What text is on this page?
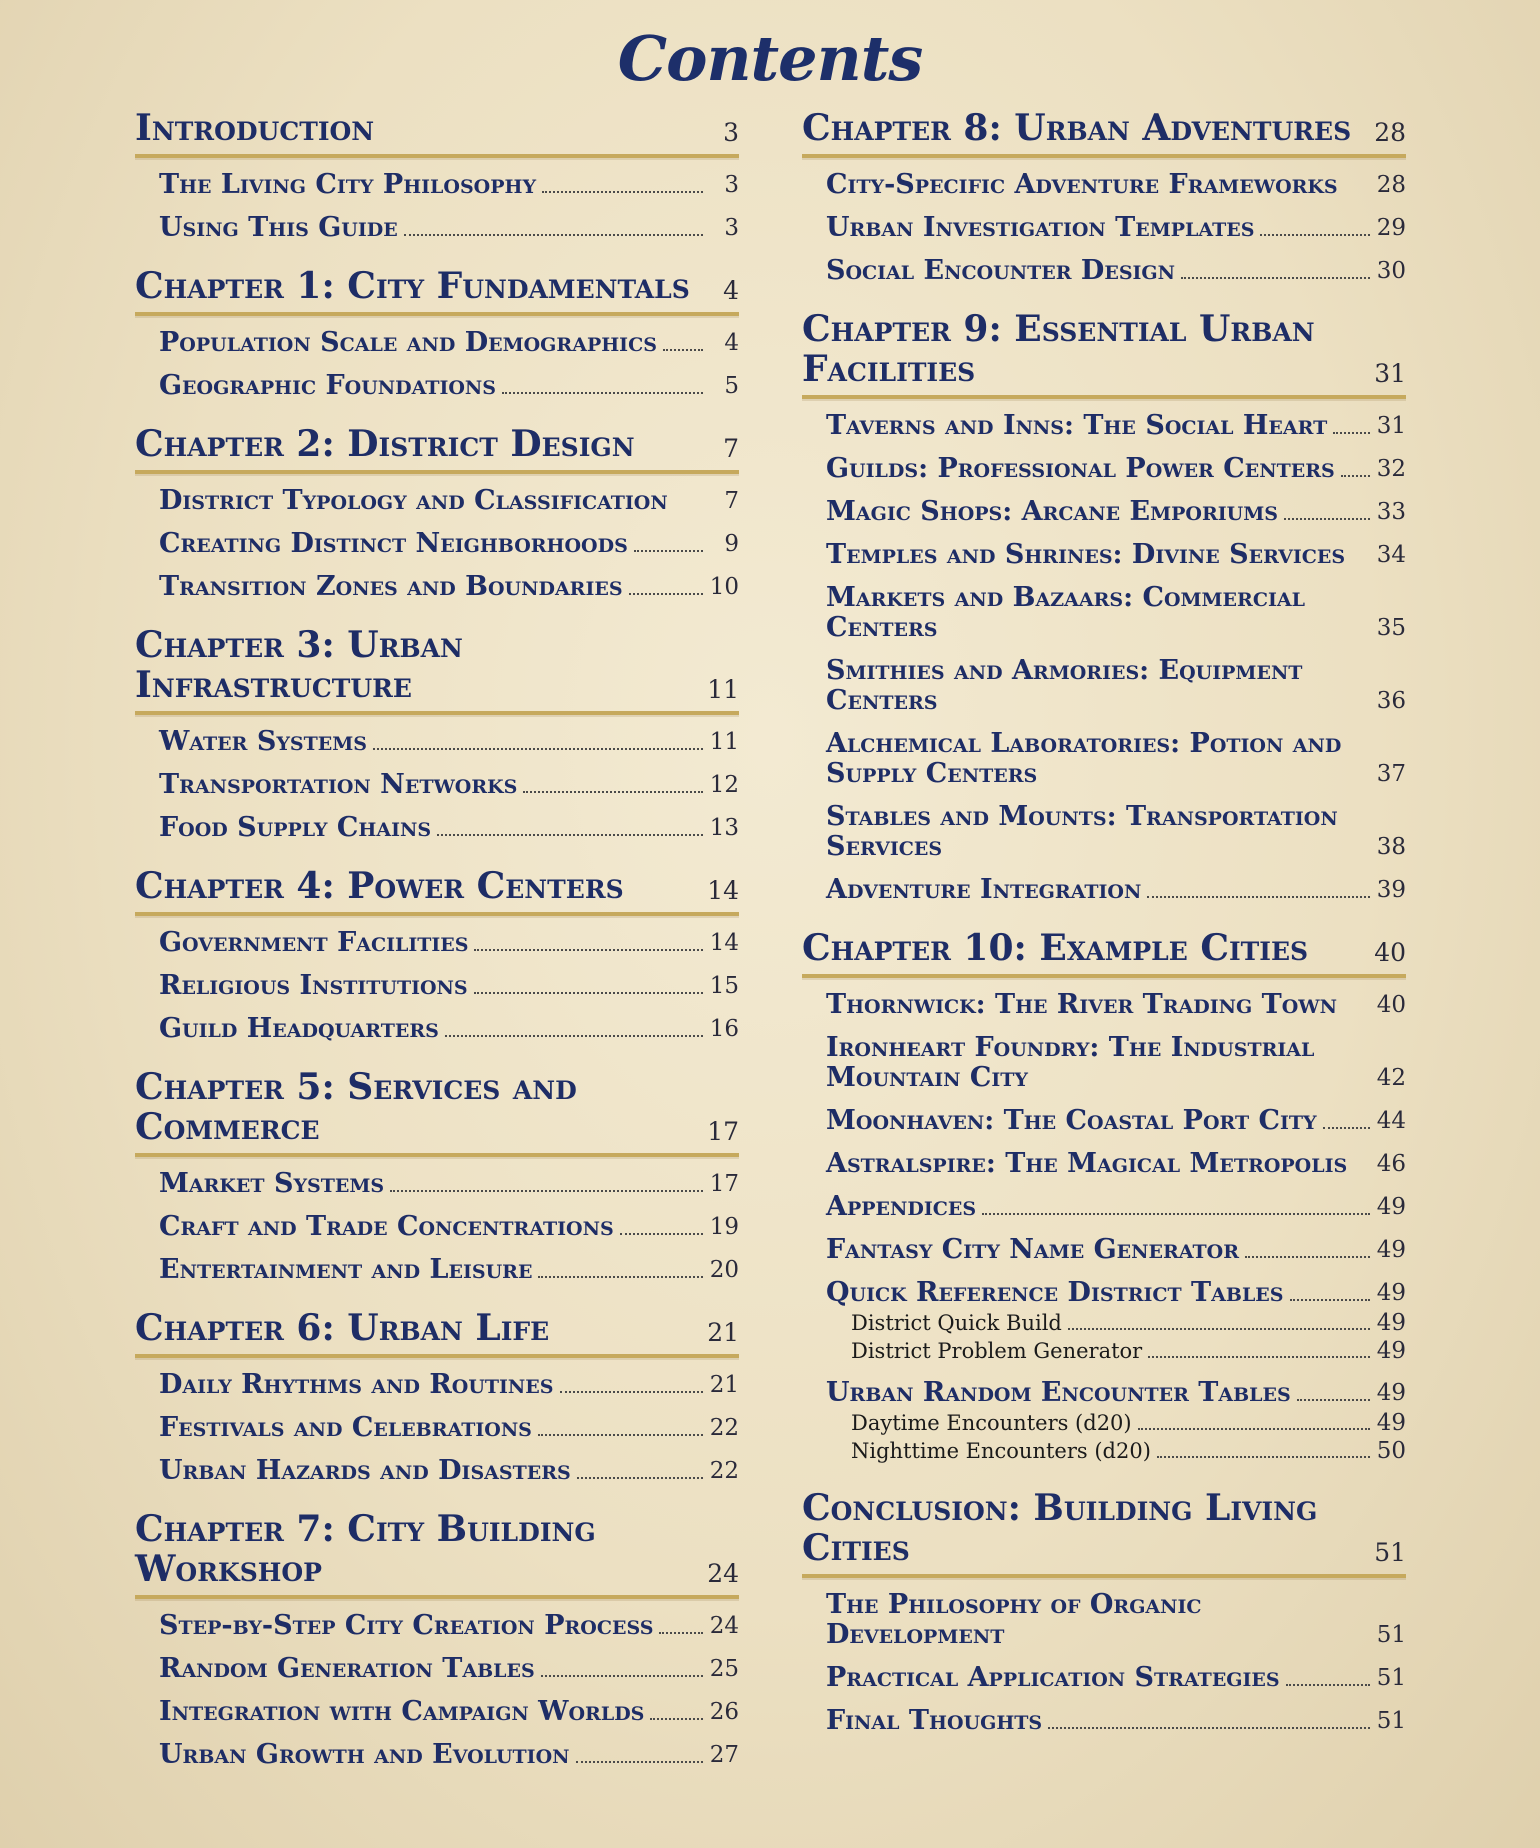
Contents
Introduction	3
The Living City Philosophy	3
Using This Guide	3
Chapter 1: City Fundamentals	4
Population Scale and Demographics	4
Geographic Foundations	5
Chapter 2: District Design	7
District Typology and Classification	7
Creating Distinct Neighborhoods	9
Transition Zones and Boundaries	10
Chapter 3: Urban Infrastructure	11
Water Systems	11
Transportation Networks	12
Food Supply Chains	13
Chapter 4: Power Centers	14
Government Facilities	14
Religious Institutions	15
Guild Headquarters	16
Chapter 5: Services and Commerce	17
Market Systems	17
Craft and Trade Concentrations	19
Entertainment and Leisure	20
Chapter 6: Urban Life	21
Daily Rhythms and Routines	21
Festivals and Celebrations	22
Urban Hazards and Disasters	22
Chapter 7: City Building Workshop	24
Step-by-Step City Creation Process 24
Random Generation Tables	25
Integration with Campaign Worlds	26
Urban Growth and Evolution	27
Chapter 8: Urban Adventures 28
City-Specific Adventure Frameworks	28
Urban Investigation Templates	29
Social Encounter Design	30
Chapter 9: Essential Urban Facilities	31
Taverns and Inns: The Social Heart 31
Guilds: Professional Power Centers 32
Magic Shops: Arcane Emporiums	33
Temples and Shrines: Divine Services	34
Markets and Bazaars: Commercial Centers	35
Smithies and Armories: Equipment Centers	36
Alchemical Laboratories: Potion and Supply Centers	37
Stables and Mounts: Transportation Services	38
Adventure Integration	39
Chapter 10: Example Cities	40
Thornwick: The River Trading Town	40
Ironheart Foundry: The Industrial Mountain City	42
Moonhaven: The Coastal Port City	44
Astralspire: The Magical Metropolis	46
Appendices	49
Fantasy City Name Generator	49
Quick Reference District Tables	49
District Quick Build	49
District Problem Generator	49
Urban Random Encounter Tables	49
Daytime Encounters (d20)	49
Nighttime Encounters (d20)	50
Conclusion: Building Living Cities	51
The Philosophy of Organic Development	51
Practical Application Strategies	51
Final Thoughts	51
